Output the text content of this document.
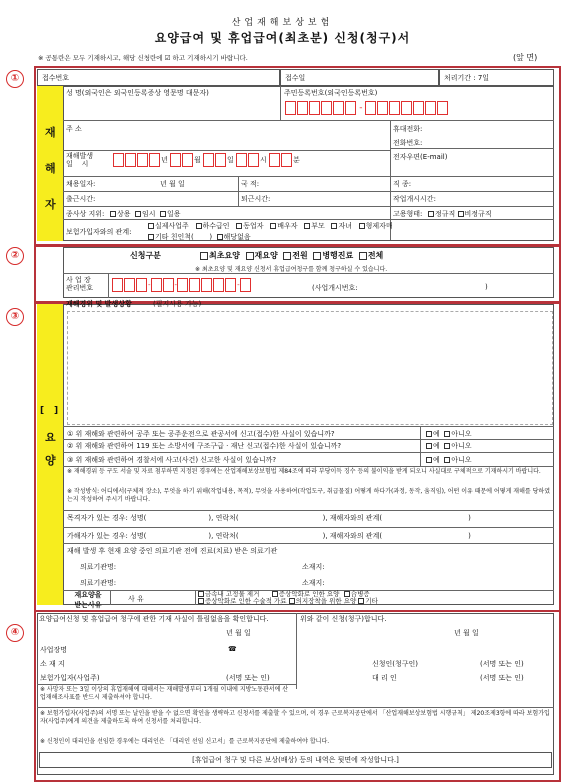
산업재해보상보험
요양급여 및 휴업급여(최초분) 신청(청구)서
※ 공통란은 모두 기재하시고, 해당 신청란에 ☑ 하고 기재하시기 바랍니다.	(앞 면)
①
②
③
④
접수번호	접수일	처리기간 : 7일
재
해
자
성 명(외국인은 외국인등록증상 영문명 대문자)	주민등록번호(외국인등록번호)
-
주 소	휴대전화:
전화번호:
재해발생
일    시	년	월	일	시	분	전자우편(E-mail)
채용일자:	년 월 일	국 적:	직 종:
출근시간:	퇴근시간:	작업개시시간:
종사상 지위:	상용 임시 일용	고용형태:	정규직 비정규직
보험가입자와의 관계:
실제사업주 하수급인 동업자 배우자 부모 자녀 형제자매
기타 친인척( ) 해당없음
신청구분	최초요양 재요양 전원 병행진료 전체
※ 최초요양 및 재요양 신청서 휴업급여청구를 함께 청구하실 수 있습니다.
사 업 장
관리번호	-	-	-	(사업개시번호:	)
[ ]
요
양
재해경위 및 발생상황	(필지사용 가능)
① 위 재해와 관련하여 공주 또는 공주운전으로 관공서에 신고(접수)한 사실이 있습니까?	예 아니오
② 위 재해와 관련하여 119 또는 소방서에 구조구급 · 재난 신고(접수)한 사실이 있습니까?	예 아니오
③ 위 재해와 관련하여 경찰서에 사고(사건) 신고한 사실이 있습니까?	예 아니오
※ 재해경위 등 구도 서술 및 자료 첨부하면 지정된 경우에는 산업재해보상보험법 제84조에 따라 부당이득 징수 등의 불이익을 받게 되오니 사실대로 구체적으로 기재하시기 바랍니다.
※ 작성방식: 어디에서(구체적 장소), 무엇을 하기 위해(작업내용, 목적), 무엇을 사용하여(작업도구, 취급물질) 어떻게 하다가(과정, 동작, 움직임), 어떤 이유 때문에 어떻게 재해를 당하였는지 작성하여 주시기 바랍니다.
목격자가 있는 경우: 성명(	), 연락처(	), 재해자와의 관계(	)
가해자가 있는 경우: 성명(	), 연락처(	), 재해자와의 관계(	)
재해 발생 후 현재 요양 중인 의료기관 전에 진료(치료) 받은 의료기관
의료기관명:	소재지:
의료기관명:	소재지:
재요양을
받는사유
사 유
금속내 고정물 제거	증상악화로 인한 요양 合병증
증상악화로 인한 수술적 가료 의지장착을 위한 요양 기타
요양급여신청 및 휴업급여 청구에 관한 기재 사실이 틀림없음을 확인합니다.	위와 같이 신청(청구)합니다.
년 월 일	년 월 일
사업장명	☎
소 재 지
보험가입자(사업주)	(서명 또는 인)
신청인(청구인)	(서명 또는 인)
대 리 인	(서명 또는 인)
※ 사망자 또는 3일 이상의 휴업재해에 대해서는 재해발생부터 1개월 이내에 지방노동관서에 산업재해조사표를 반드시 제출하셔야 합니다.
※ 보험가입자(사업주)의 서명 또는 날인을 받을 수 없으면 확인을 생략하고 신청서를 제출할 수 있으며, 이 경우 근로복지공단에서 「산업재해보상보험법 시행규칙」 제20조제3항에 따라 보험가입자(사업주)에게 의견을 제출하도록 하여 신청서를 처리합니다.
※ 신청인이 대리인을 선임한 경우에는 대리인은 「대리인 선임 신고서」를 근로복지공단에 제출하여야 합니다.
[휴업급여 청구 및 다른 보상(배상) 등의 내역은 뒷면에 작성합니다.]
